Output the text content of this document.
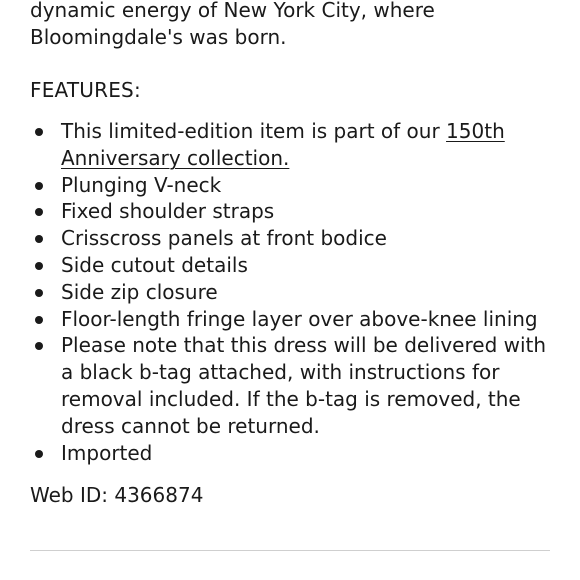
dynamic energy of New York City, where
Bloomingdale's was born.

FEATURES:

This limited-edition item is part of our 150th Anniversary collection.
Plunging V-neck
Fixed shoulder straps
Crisscross panels at front bodice
Side cutout details
Side zip closure
Floor-length fringe layer over above-knee lining
Please note that this dress will be delivered with a black b-tag attached, with instructions for removal included. If the b-tag is removed, the dress cannot be returned.
Imported

Web ID: 4366874
